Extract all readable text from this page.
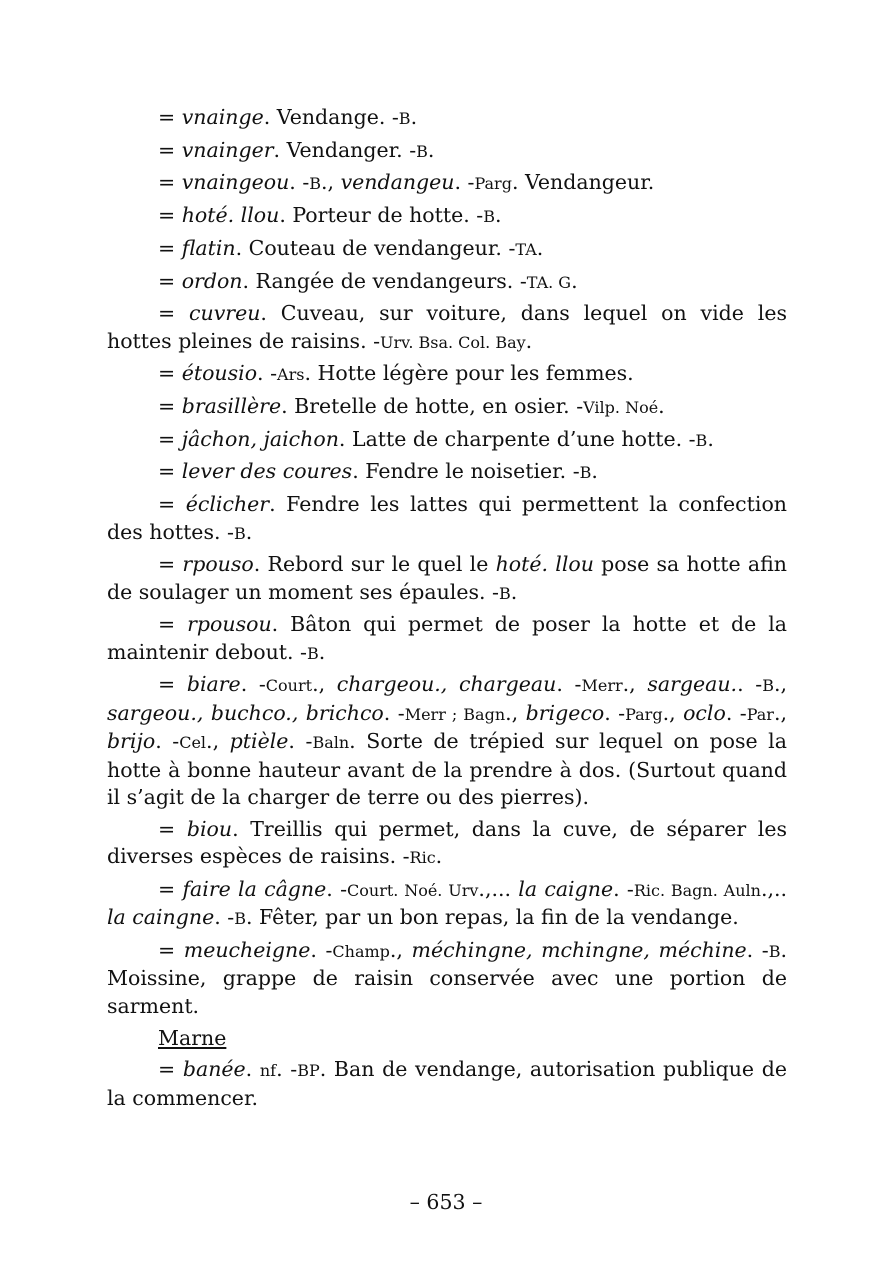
= vnainge. Vendange. -B.

= vnainger. Vendanger. -B.

= vnaingeou. -B., vendangeu. -Parg. Vendangeur.

= hoté. llou. Porteur de hotte. -B.

= flatin. Couteau de vendangeur. -TA.

= ordon. Rangée de vendangeurs. -TA. G.

= cuvreu. Cuveau, sur voiture, dans lequel on vide les hottes pleines de raisins. -Urv. Bsa. Col. Bay.

= étousio. -Ars. Hotte légère pour les femmes.

= brasillère. Bretelle de hotte, en osier. -Vilp. Noé.

= jâchon, jaichon. Latte de charpente d’une hotte. -B.

= lever des coures. Fendre le noisetier. -B.

= éclicher. Fendre les lattes qui permettent la confection des hottes. -B.

= rpouso. Rebord sur le quel le hoté. llou pose sa hotte afin de soulager un moment ses épaules. -B.

= rpousou. Bâton qui permet de poser la hotte et de la maintenir debout. -B.

= biare. -Court., chargeou., chargeau. -Merr., sargeau.. -B., sargeou., buchco., brichco. -Merr ; Bagn., brigeco. -Parg., oclo. -Par., brijo. -Cel., ptièle. -Baln. Sorte de trépied sur lequel on pose la hotte à bonne hauteur avant de la prendre à dos. (Surtout quand il s’agit de la charger de terre ou des pierres).

= biou. Treillis qui permet, dans la cuve, de séparer les diverses espèces de raisins. -Ric.

= faire la câgne. -Court. Noé. Urv.,... la caigne. -Ric. Bagn. Auln.,.. la caingne. -B. Fêter, par un bon repas, la fin de la vendange.

= meucheigne. -Champ., méchingne, mchingne, méchine. -B. Moissine, grappe de raisin conservée avec une portion de sarment.

Marne

= banée. nf. -BP. Ban de vendange, autorisation publique de la commencer.

– 653 –
